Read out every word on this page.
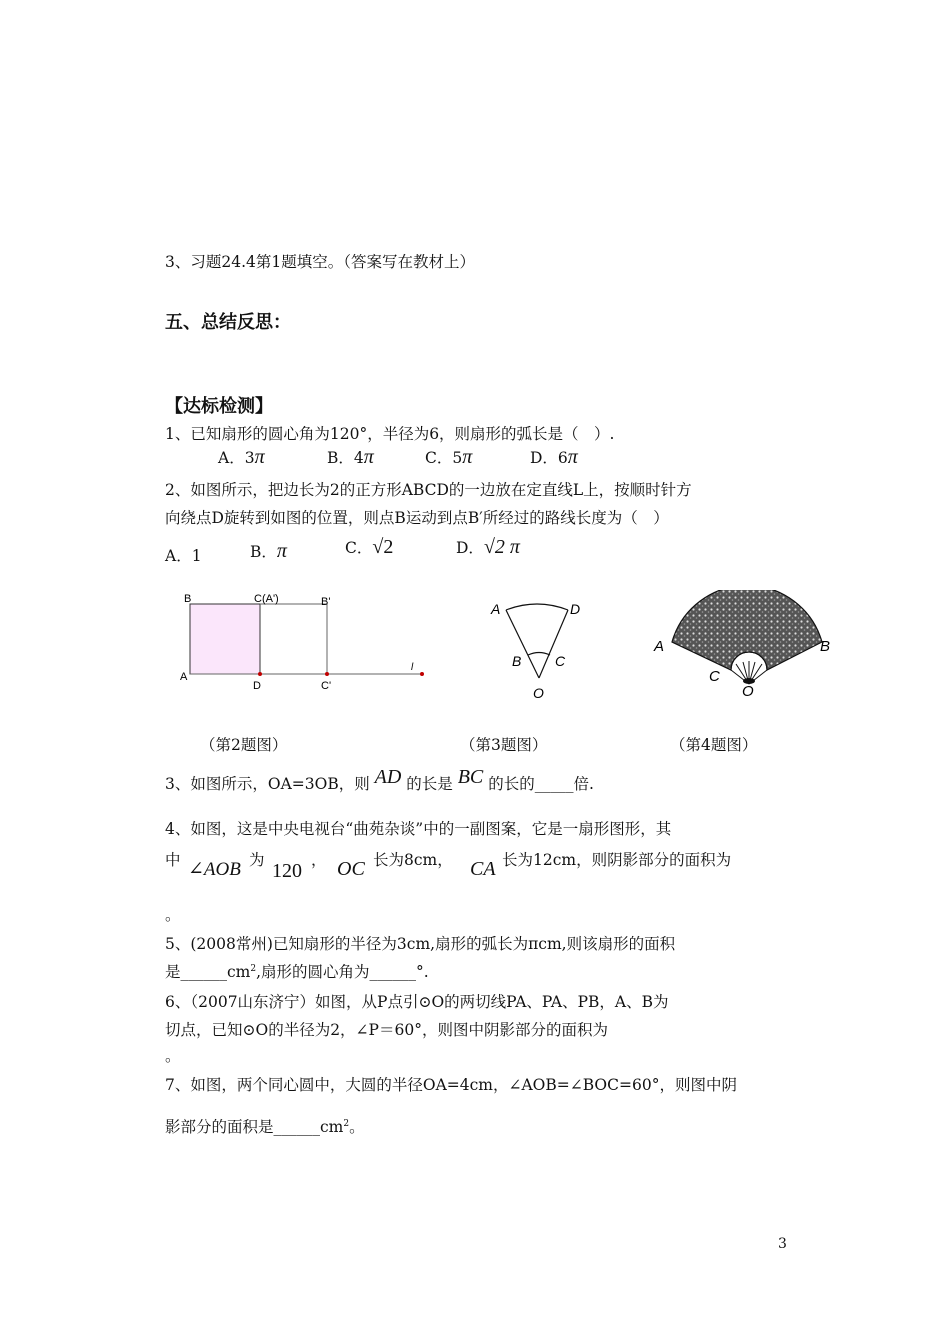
3、习题24.4第1题填空。（答案写在教材上）
五、总结反思：
【达标检测】
1、已知扇形的圆心角为120°，半径为6，则扇形的弧长是（　）.
A．3π	B．4π	C．5π	D．6π
2、如图所示，把边长为2的正方形ABCD的一边放在定直线L上，按顺时针方
向绕点D旋转到如图的位置，则点B运动到点B′所经过的路线长度为（　）
A．1	B．π	C．√2	D．√2 π
B	C(A')	B'
A
D	C'
l
A	D
B C
O
A	B
C
O
（第2题图）	（第3题图）	（第4题图）
3、如图所示，OA=3OB，则 AD 的长是 BC 的长的_____倍.
4、如图，这是中央电视台“曲苑杂谈”中的一副图案，它是一扇形图形，其
中 ∠AOB 为 120 ， OC 长为8cm， CA 长为12cm，则阴影部分的面积为
。
5、(2008常州)已知扇形的半径为3cm,扇形的弧长为πcm,则该扇形的面积
是$\_\_\_\_\_\_cm^2$,扇形的圆心角为______°.
6、（2007山东济宁）如图，从P点引⊙O的两切线PA、PA、PB，A、B为
切点，已知⊙O的半径为2，∠P＝60°，则图中阴影部分的面积为
。
7、如图，两个同心圆中，大圆的半径OA=4cm，∠AOB=∠BOC=60°，则图中阴
影部分的面积是$\_\_\_\_\_\_cm^2$。
3
